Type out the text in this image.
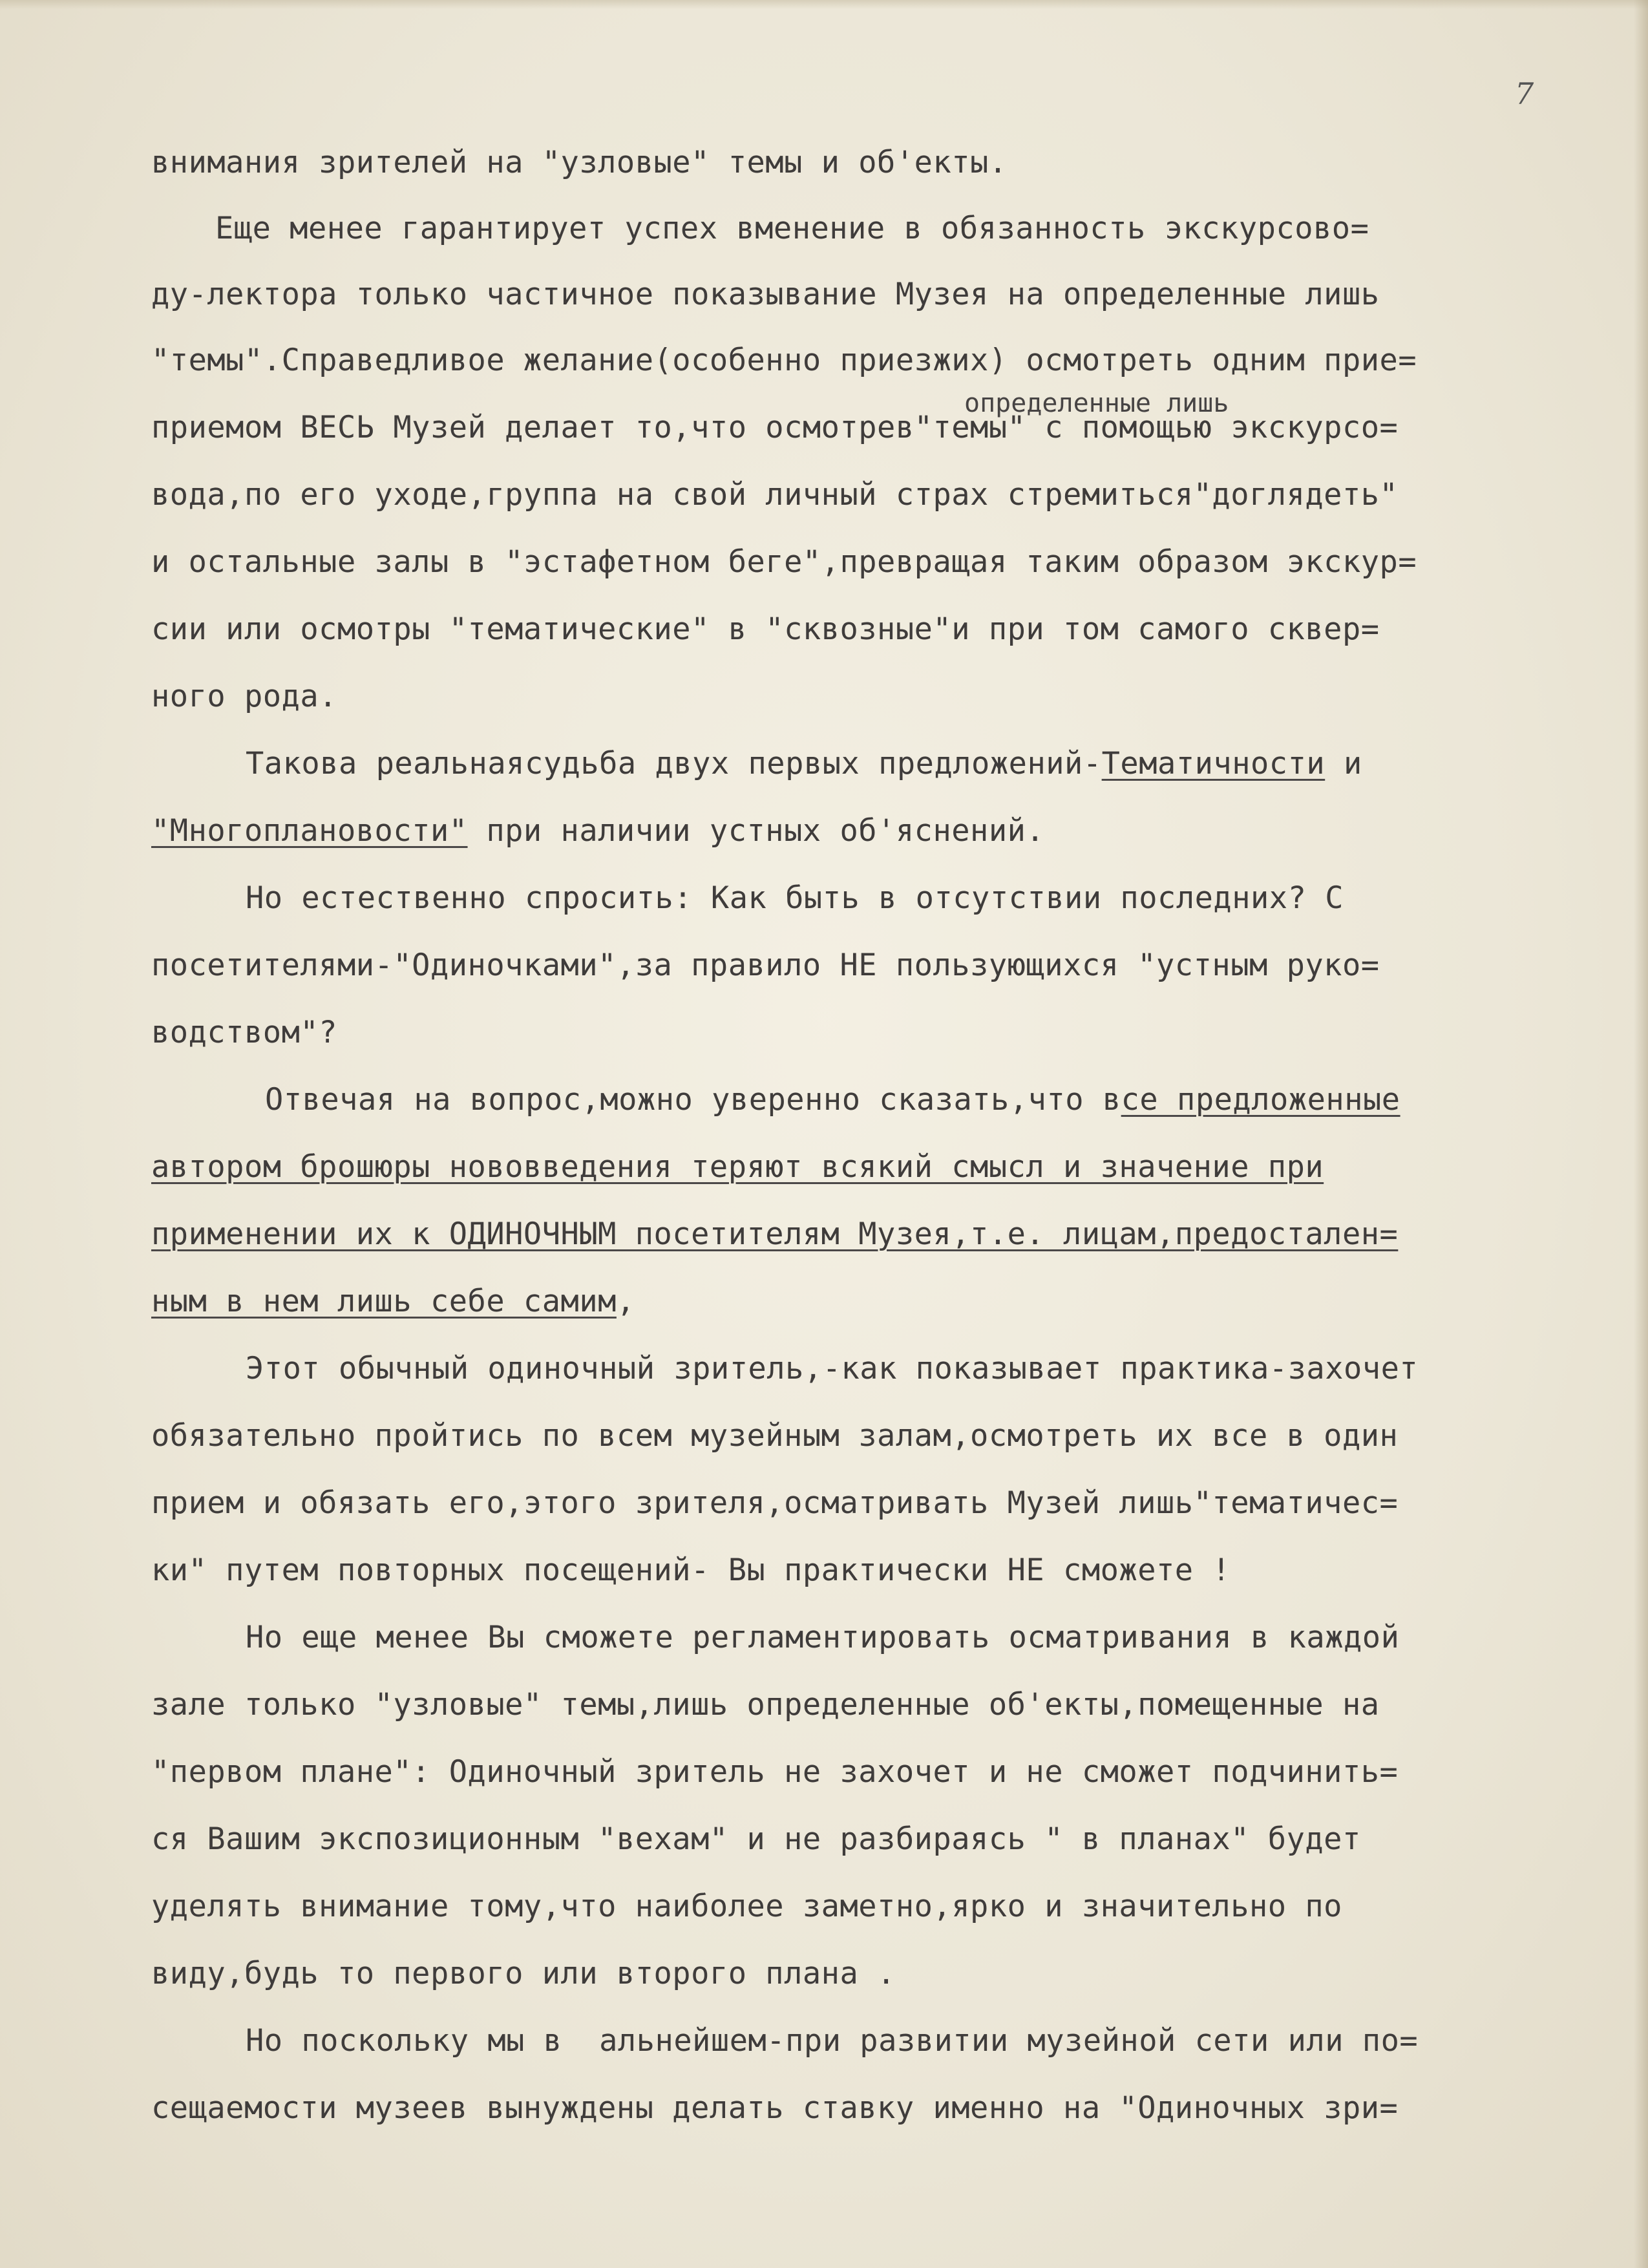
7
определенные лишь
внимания зрителей на "узловые" темы и об'екты.
Еще менее гарантирует успех вменение в обязанность экскурсово=
ду-лектора только частичное показывание Музея на определенные лишь
"темы".Справедливое желание(особенно приезжих) осмотреть одним прие=
приемом ВЕСЬ Музей делает то,что осмотрев"темы" с помощью экскурсо=
вода,по его уходе,группа на свой личный страх стремиться"доглядеть"
и остальные залы в "эстафетном беге",превращая таким образом экскур=
сии или осмотры "тематические" в "сквозные"и при том самого сквер=
ного рода.
Такова реальнаясудьба двух первых предложений-Тематичности и
"Многоплановости" при наличии устных об'яснений.
Но естественно спросить: Как быть в отсутствии последних? С
посетителями-"Одиночками",за правило НЕ пользующихся "устным руко=
водством"?
Отвечая на вопрос,можно уверенно сказать,что все предложенные
автором брошюры нововведения теряют всякий смысл и значение при
применении их к ОДИНОЧНЫМ посетителям Музея,т.е. лицам,предостален=
ным в нем лишь себе самим,
Этот обычный одиночный зритель,-как показывает практика-захочет
обязательно пройтись по всем музейным залам,осмотреть их все в один
прием и обязать его,этого зрителя,осматривать Музей лишь"тематичес=
ки" путем повторных посещений- Вы практически НЕ сможете !
Но еще менее Вы сможете регламентировать осматривания в каждой
зале только "узловые" темы,лишь определенные об'екты,помещенные на
"первом плане": Одиночный зритель не захочет и не сможет подчинить=
ся Вашим экспозиционным "вехам" и не разбираясь " в планах" будет
уделять внимание тому,что наиболее заметно,ярко и значительно по
виду,будь то первого или второго плана .
Но поскольку мы в  альнейшем-при развитии музейной сети или по=
сещаемости музеев вынуждены делать ставку именно на "Одиночных зри=
